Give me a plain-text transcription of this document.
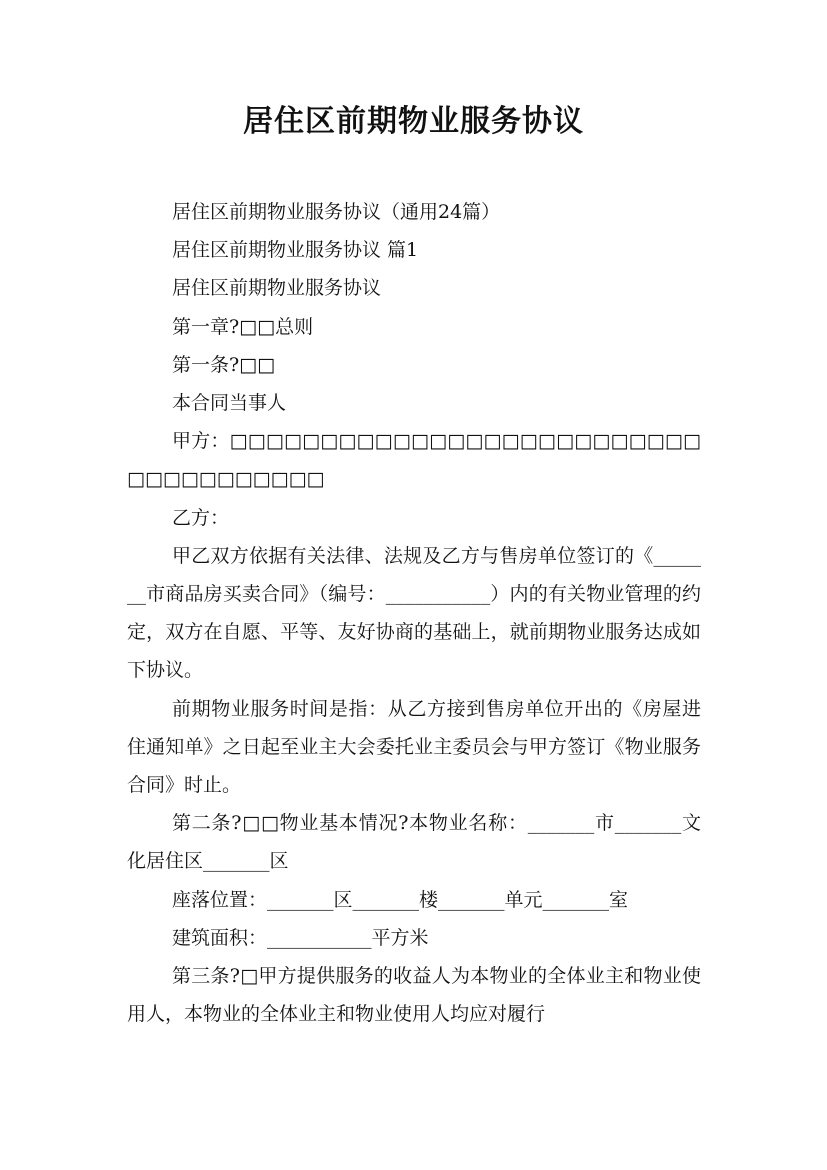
居住区前期物业服务协议

居住区前期物业服务协议（通用24篇）

居住区前期物业服务协议 篇1

居住区前期物业服务协议

第一章?□□总则

第一条?□□

本合同当事人

甲方：□□□□□□□□□□□□□□□□□□□□□□□□□□□□□□□□□□□□□

乙方：

甲乙双方依据有关法律、法规及乙方与售房单位签订的《_______市商品房买卖合同》（编号：___________）内的有关物业管理的约定，双方在自愿、平等、友好协商的基础上，就前期物业服务达成如下协议。

前期物业服务时间是指：从乙方接到售房单位开出的《房屋进住通知单》之日起至业主大会委托业主委员会与甲方签订《物业服务合同》时止。

第二条?□□物业基本情况?本物业名称：_______市_______文化居住区_______区

座落位置：_______区_______楼_______单元_______室

建筑面积：___________平方米

第三条?□甲方提供服务的收益人为本物业的全体业主和物业使用人，本物业的全体业主和物业使用人均应对履行
